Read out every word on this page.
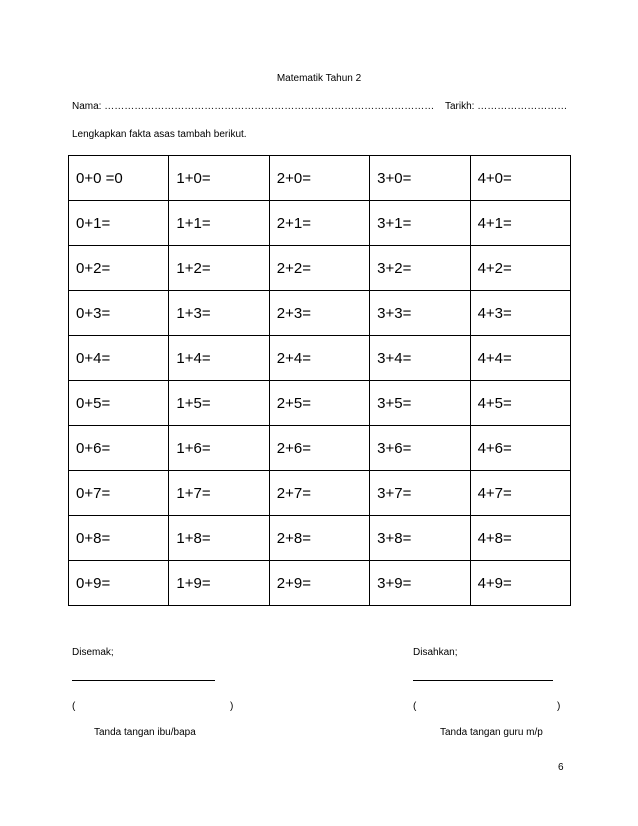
Matematik Tahun 2
Nama: ……………………………………………………………………………………… Tarikh: ………………………
Lengkapkan fakta asas tambah berikut.
0+0 =0	1+0=	2+0=	3+0=	4+0=
0+1=	1+1=	2+1=	3+1=	4+1=
0+2=	1+2=	2+2=	3+2=	4+2=
0+3=	1+3=	2+3=	3+3=	4+3=
0+4=	1+4=	2+4=	3+4=	4+4=
0+5=	1+5=	2+5=	3+5=	4+5=
0+6=	1+6=	2+6=	3+6=	4+6=
0+7=	1+7=	2+7=	3+7=	4+7=
0+8=	1+8=	2+8=	3+8=	4+8=
0+9=	1+9=	2+9=	3+9=	4+9=
Disemak;	Disahkan;
(	)	(	)
Tanda tangan ibu/bapa	Tanda tangan guru m/p
6
